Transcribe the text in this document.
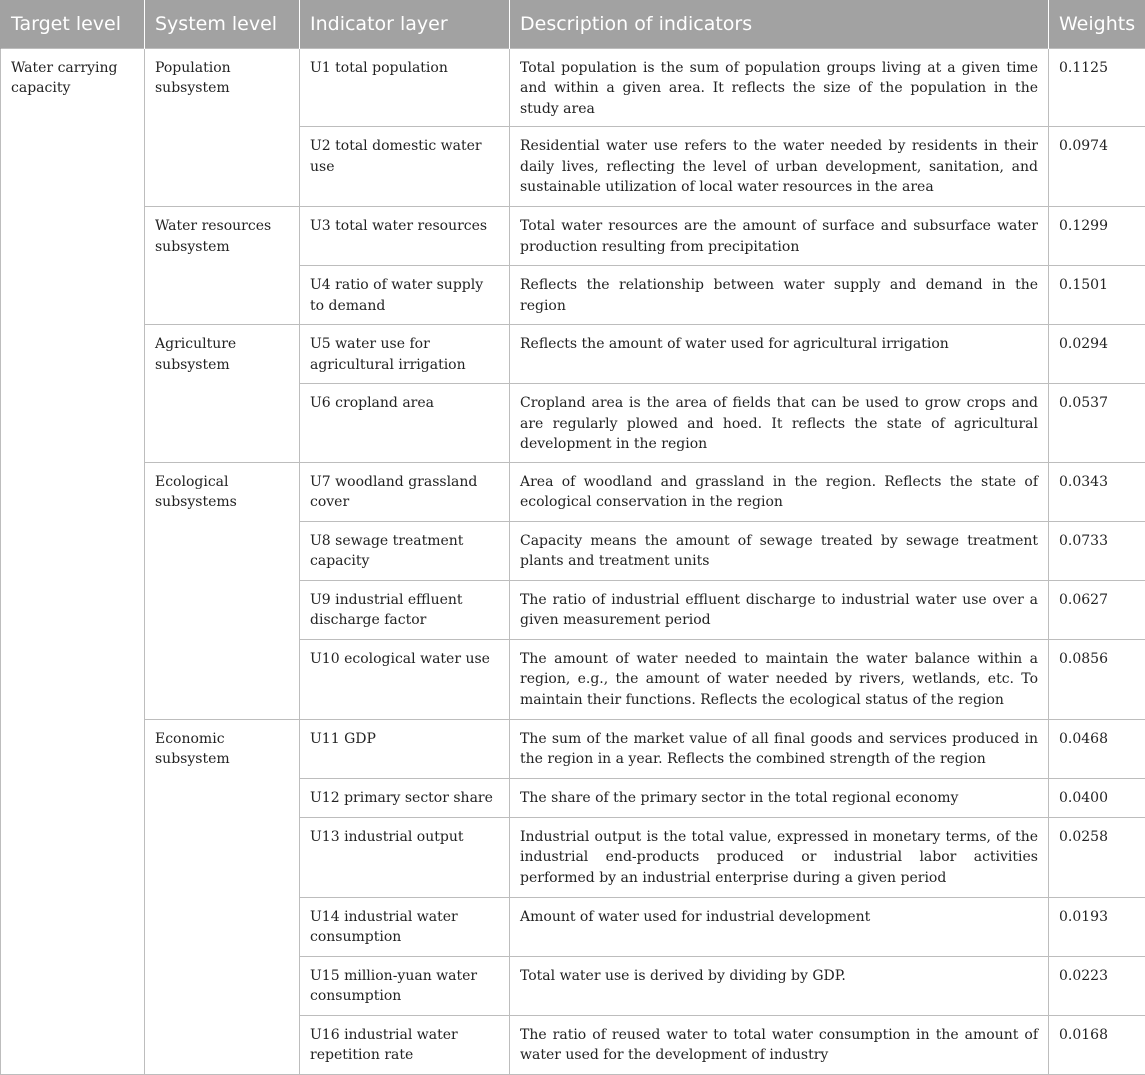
Target level	System level	Indicator layer	Description of indicators	Weights
Water carrying capacity	Population subsystem	U1 total population	Total population is the sum of population groups living at a given time and within a given area. It reflects the size of the population in the study area	0.1125
		U2 total domestic water use	Residential water use refers to the water needed by residents in their daily lives, reflecting the level of urban development, sanitation, and sustainable utilization of local water resources in the area	0.0974
	Water resources subsystem	U3 total water resources	Total water resources are the amount of surface and subsurface water production resulting from precipitation	0.1299
		U4 ratio of water supply to demand	Reflects the relationship between water supply and demand in the region	0.1501
	Agriculture subsystem	U5 water use for agricultural irrigation	Reflects the amount of water used for agricultural irrigation	0.0294
		U6 cropland area	Cropland area is the area of fields that can be used to grow crops and are regularly plowed and hoed. It reflects the state of agricultural development in the region	0.0537
	Ecological subsystems	U7 woodland grassland cover	Area of woodland and grassland in the region. Reflects the state of ecological conservation in the region	0.0343
		U8 sewage treatment capacity	Capacity means the amount of sewage treated by sewage treatment plants and treatment units	0.0733
		U9 industrial effluent discharge factor	The ratio of industrial effluent discharge to industrial water use over a given measurement period	0.0627
		U10 ecological water use	The amount of water needed to maintain the water balance within a region, e.g., the amount of water needed by rivers, wetlands, etc. To maintain their functions. Reflects the ecological status of the region	0.0856
	Economic subsystem	U11 GDP	The sum of the market value of all final goods and services produced in the region in a year. Reflects the combined strength of the region	0.0468
		U12 primary sector share	The share of the primary sector in the total regional economy	0.0400
		U13 industrial output	Industrial output is the total value, expressed in monetary terms, of the industrial end-products produced or industrial labor activities performed by an industrial enterprise during a given period	0.0258
		U14 industrial water consumption	Amount of water used for industrial development	0.0193
		U15 million-yuan water consumption	Total water use is derived by dividing by GDP.	0.0223
		U16 industrial water repetition rate	The ratio of reused water to total water consumption in the amount of water used for the development of industry	0.0168
